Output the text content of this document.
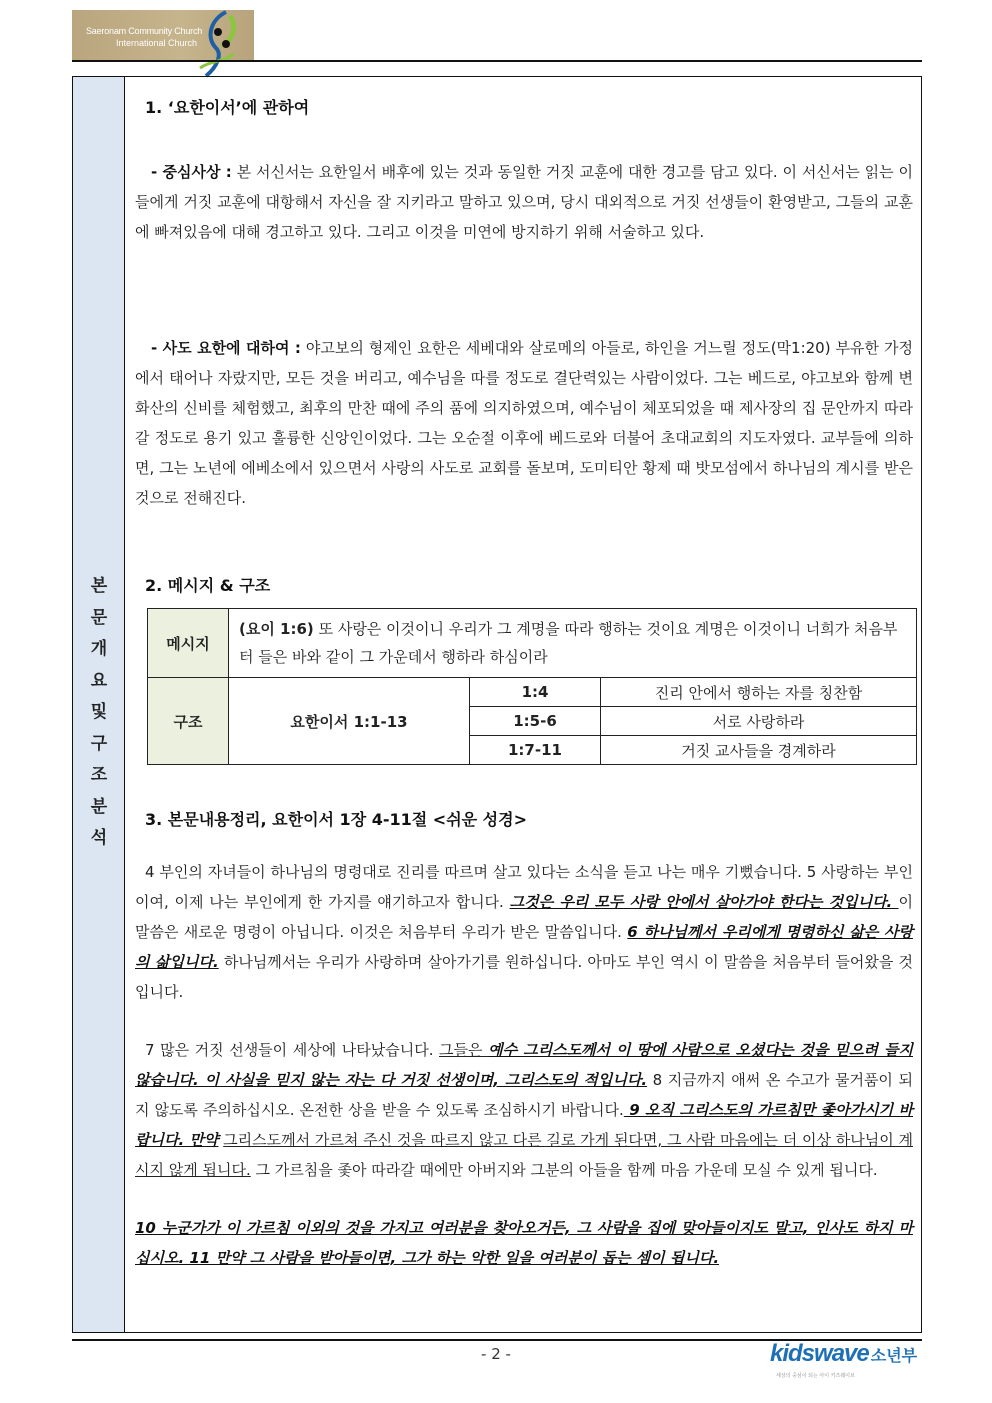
Saeronam Community Church
International Church
본
문
개
요
및
구
조
분
석
1. ‘요한이서’에 관하여
- 중심사상 : 본 서신서는 요한일서 배후에 있는 것과 동일한 거짓 교훈에 대한 경고를 담고 있다. 이 서신서는 읽는 이들에게 거짓 교훈에 대항해서 자신을 잘 지키라고 말하고 있으며, 당시 대외적으로 거짓 선생들이 환영받고, 그들의 교훈에 빠져있음에 대해 경고하고 있다. 그리고 이것을 미연에 방지하기 위해 서술하고 있다.
- 사도 요한에 대하여 : 야고보의 형제인 요한은 세베대와 살로메의 아들로, 하인을 거느릴 정도(막1:20) 부유한 가정에서 태어나 자랐지만, 모든 것을 버리고, 예수님을 따를 정도로 결단력있는 사람이었다. 그는 베드로, 야고보와 함께 변화산의 신비를 체험했고, 최후의 만찬 때에 주의 품에 의지하였으며, 예수님이 체포되었을 때 제사장의 집 문안까지 따라갈 정도로 용기 있고 훌륭한 신앙인이었다. 그는 오순절 이후에 베드로와 더불어 초대교회의 지도자였다. 교부들에 의하면, 그는 노년에 에베소에서 있으면서 사랑의 사도로 교회를 돌보며, 도미티안 황제 때 밧모섬에서 하나님의 계시를 받은 것으로 전해진다.
2. 메시지 & 구조
메시지	(요이 1:6) 또 사랑은 이것이니 우리가 그 계명을 따라 행하는 것이요 계명은 이것이니 너희가 처음부터 들은 바와 같이 그 가운데서 행하라 하심이라		
구조	요한이서 1:1-13	1:4	진리 안에서 행하는 자를 칭찬함
		1:5-6	서로 사랑하라
		1:7-11	거짓 교사들을 경계하라
3. 본문내용정리, 요한이서 1장 4-11절 <쉬운 성경>
4 부인의 자녀들이 하나님의 명령대로 진리를 따르며 살고 있다는 소식을 듣고 나는 매우 기뻤습니다. 5 사랑하는 부인이여, 이제 나는 부인에게 한 가지를 얘기하고자 합니다. 그것은 우리 모두 사랑 안에서 살아가야 한다는 것입니다. 이 말씀은 새로운 명령이 아닙니다. 이것은 처음부터 우리가 받은 말씀입니다. 6 하나님께서 우리에게 명령하신 삶은 사랑의 삶입니다. 하나님께서는 우리가 사랑하며 살아가기를 원하십니다. 아마도 부인 역시 이 말씀을 처음부터 들어왔을 것입니다.
7 많은 거짓 선생들이 세상에 나타났습니다. 그들은 예수 그리스도께서 이 땅에 사람으로 오셨다는 것을 믿으려 들지 않습니다. 이 사실을 믿지 않는 자는 다 거짓 선생이며, 그리스도의 적입니다. 8 지금까지 애써 온 수고가 물거품이 되지 않도록 주의하십시오. 온전한 상을 받을 수 있도록 조심하시기 바랍니다. 9 오직 그리스도의 가르침만 좇아가시기 바랍니다. 만약 그리스도께서 가르쳐 주신 것을 따르지 않고 다른 길로 가게 된다면, 그 사람 마음에는 더 이상 하나님이 계시지 않게 됩니다. 그 가르침을 좇아 따라갈 때에만 아버지와 그분의 아들을 함께 마음 가운데 모실 수 있게 됩니다.
10 누군가가 이 가르침 이외의 것을 가지고 여러분을 찾아오거든, 그 사람을 집에 맞아들이지도 말고, 인사도 하지 마십시오. 11 만약 그 사람을 받아들이면, 그가 하는 악한 일을 여러분이 돕는 셈이 됩니다.
- 2 -	kidswave 소년부
세상의 중심이 되는 아이 키즈웨이브
